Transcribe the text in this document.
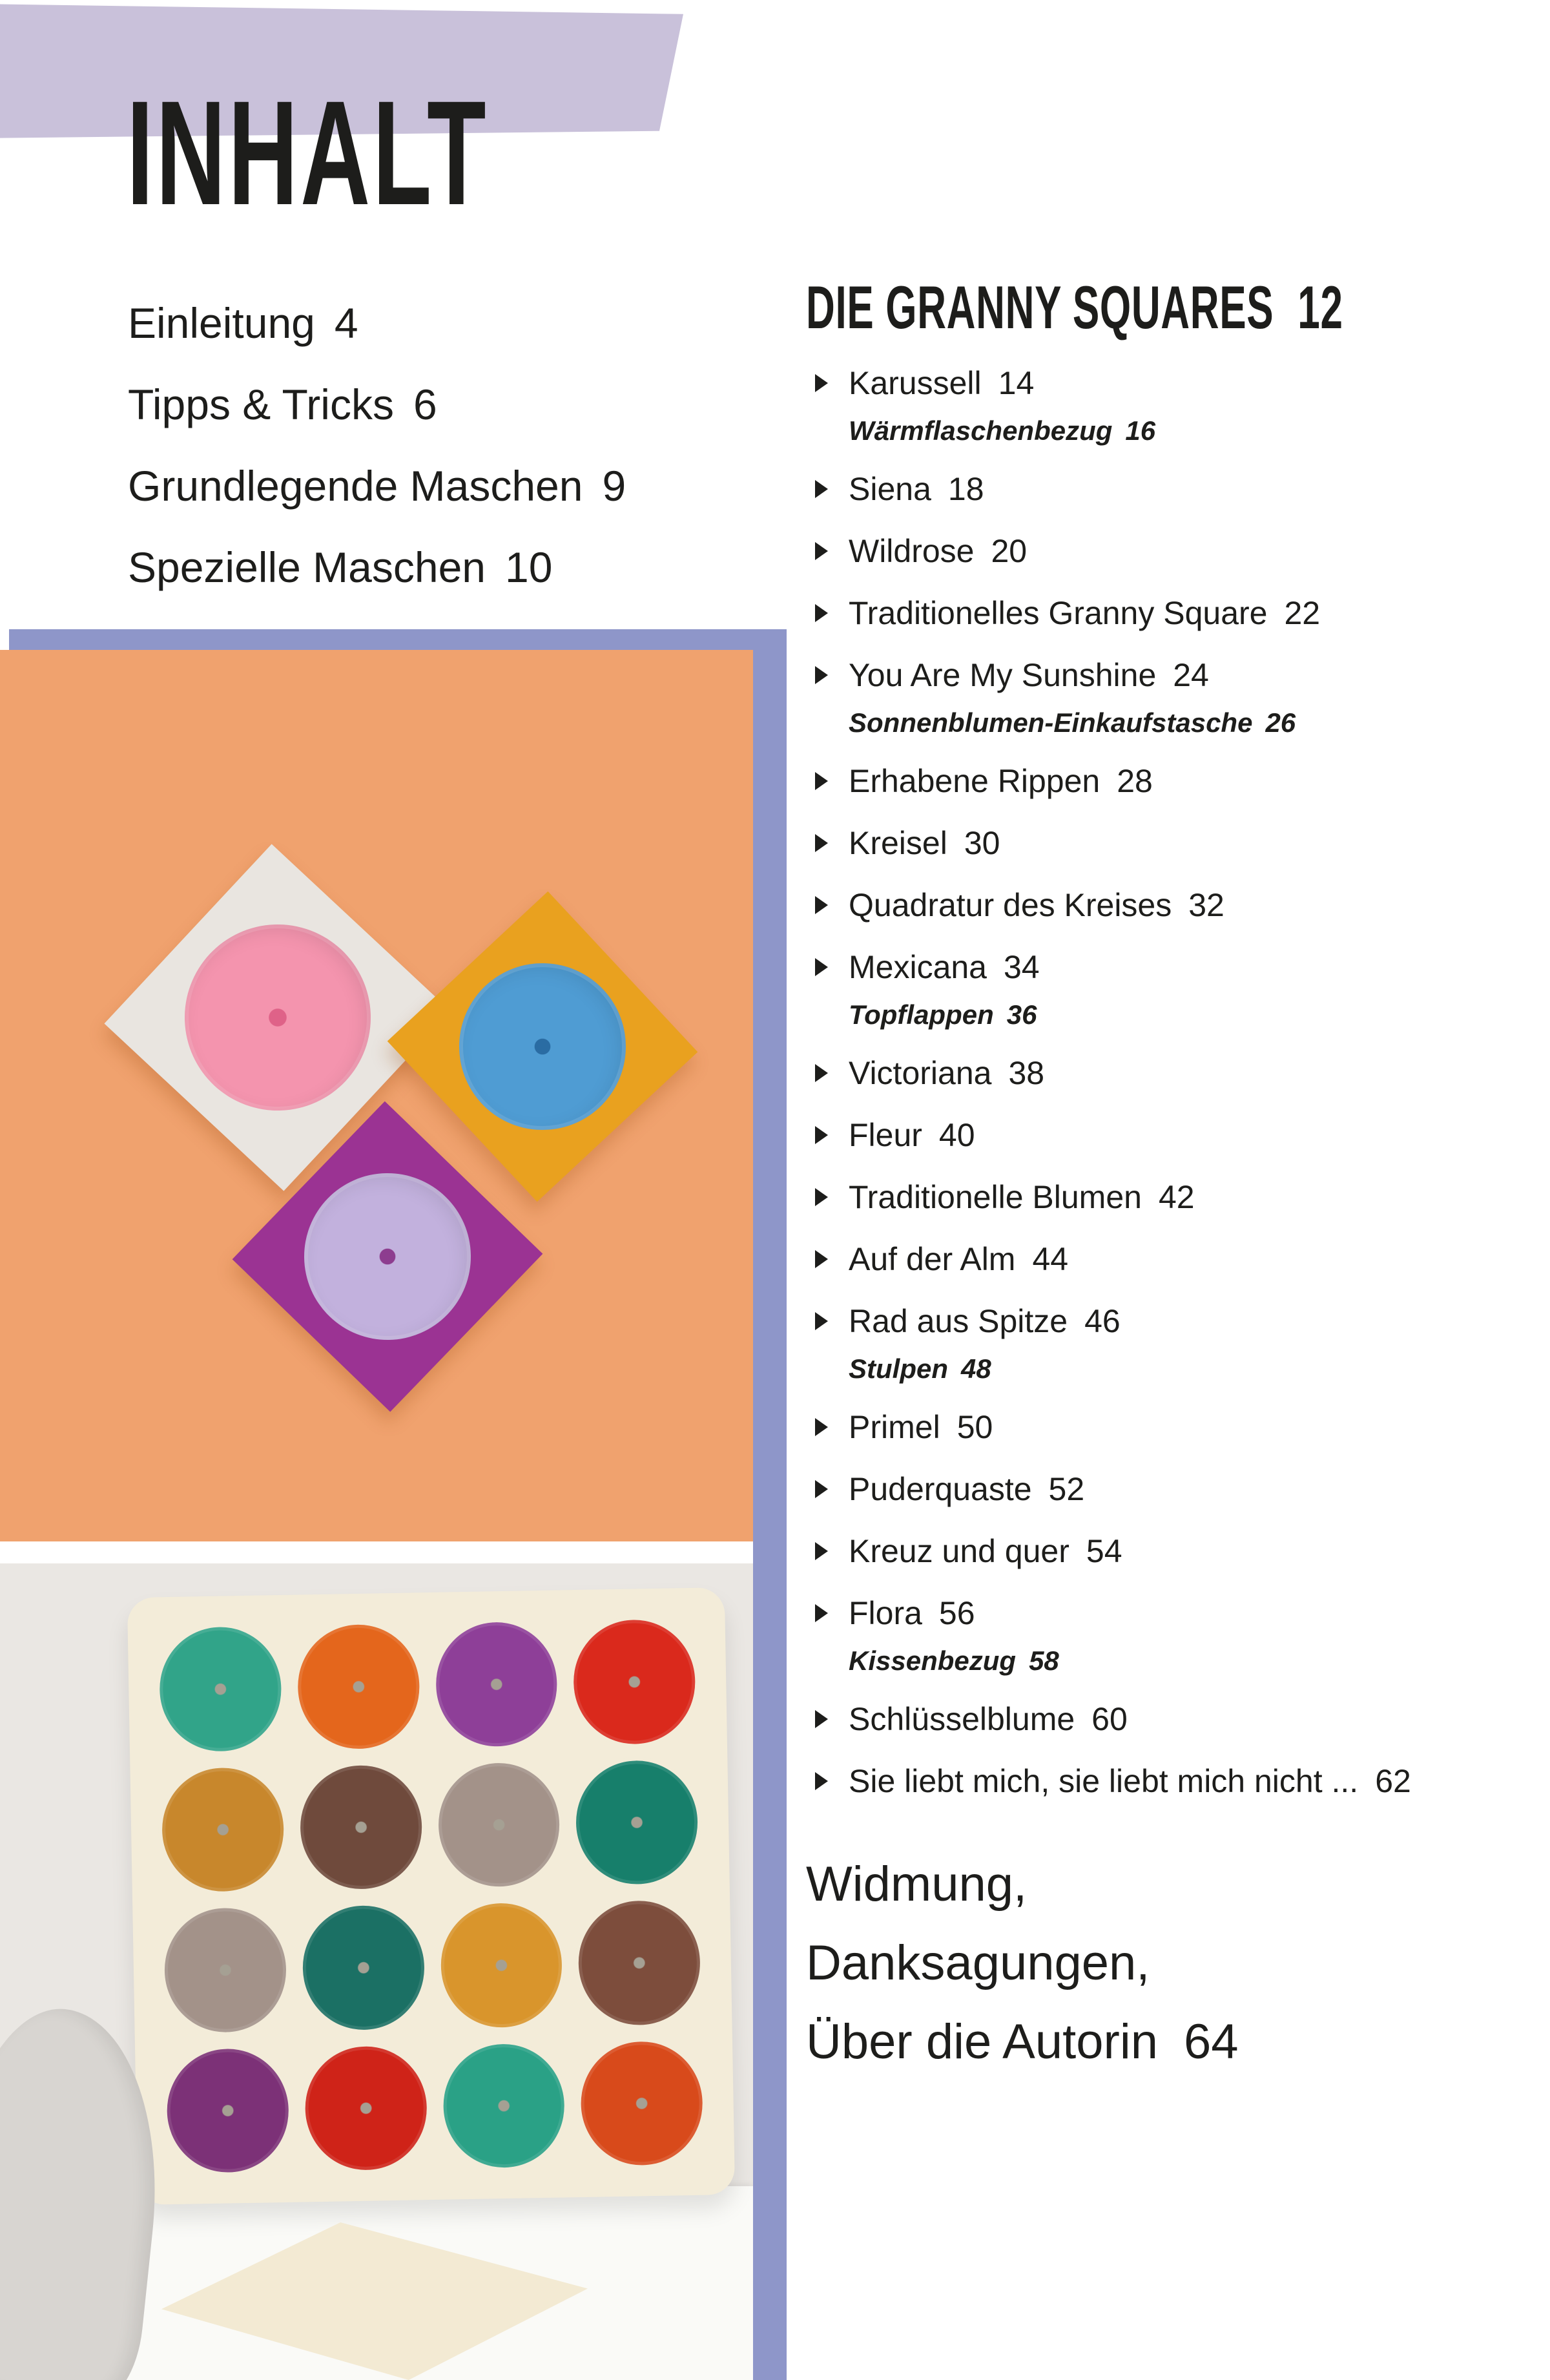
INHALT
Einleitung 4
Tipps & Tricks 6
Grundlegende Maschen 9
Spezielle Maschen 10
DIE GRANNY SQUARES 12
Karussell 14
Wärmflaschenbezug 16
Siena 18
Wildrose 20
Traditionelles Granny Square 22
You Are My Sunshine 24
Sonnenblumen-Einkaufstasche 26
Erhabene Rippen 28
Kreisel 30
Quadratur des Kreises 32
Mexicana 34
Topflappen 36
Victoriana 38
Fleur 40
Traditionelle Blumen 42
Auf der Alm 44
Rad aus Spitze 46
Stulpen 48
Primel 50
Puderquaste 52
Kreuz und quer 54
Flora 56
Kissenbezug 58
Schlüsselblume 60
Sie liebt mich, sie liebt mich nicht ... 62
Widmung,
Danksagungen,
Über die Autorin 64
